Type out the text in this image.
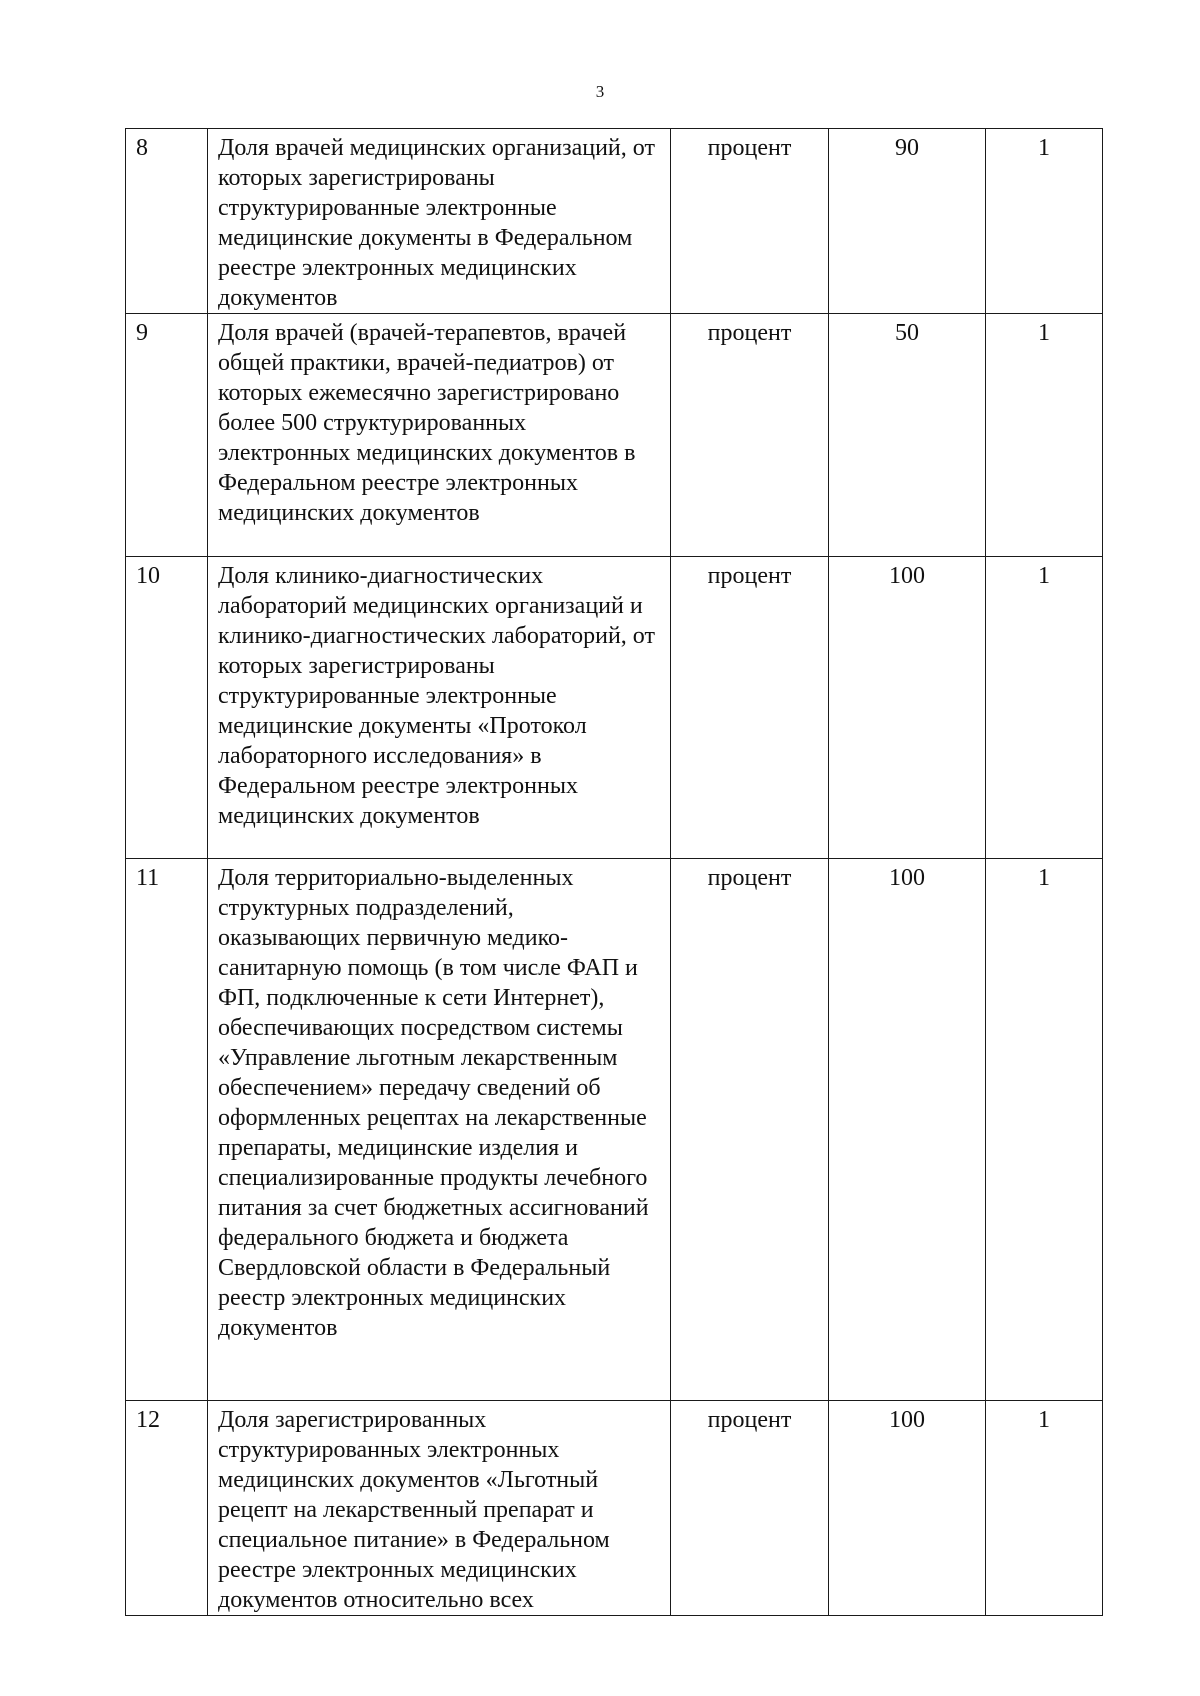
3
8	Доля врачей медицинских организаций, от которых зарегистрированы структурированные электронные медицинские документы в Федеральном реестре электронных медицинских документов	процент	90	1
9	Доля врачей (врачей-терапевтов, врачей общей практики, врачей-педиатров) от которых ежемесячно зарегистрировано более 500 структурированных электронных медицинских документов в Федеральном реестре электронных медицинских документов	процент	50	1
10	Доля клинико-диагностических лабораторий медицинских организаций и клинико-диагностических лабораторий, от которых зарегистрированы структурированные электронные медицинские документы «Протокол лабораторного исследования» в Федеральном реестре электронных медицинских документов	процент	100	1
11	Доля территориально-выделенных структурных подразделений, оказывающих первичную медико-санитарную помощь (в том числе ФАП и ФП, подключенные к сети Интернет), обеспечивающих посредством системы «Управление льготным лекарственным обеспечением» передачу сведений об оформленных рецептах на лекарственные препараты, медицинские изделия и специализированные продукты лечебного питания за счет бюджетных ассигнований федерального бюджета и бюджета Свердловской области в Федеральный реестр электронных медицинских документов	процент	100	1
12	Доля зарегистрированных структурированных электронных медицинских документов «Льготный рецепт на лекарственный препарат и специальное питание» в Федеральном реестре электронных медицинских документов относительно всех	процент	100	1
